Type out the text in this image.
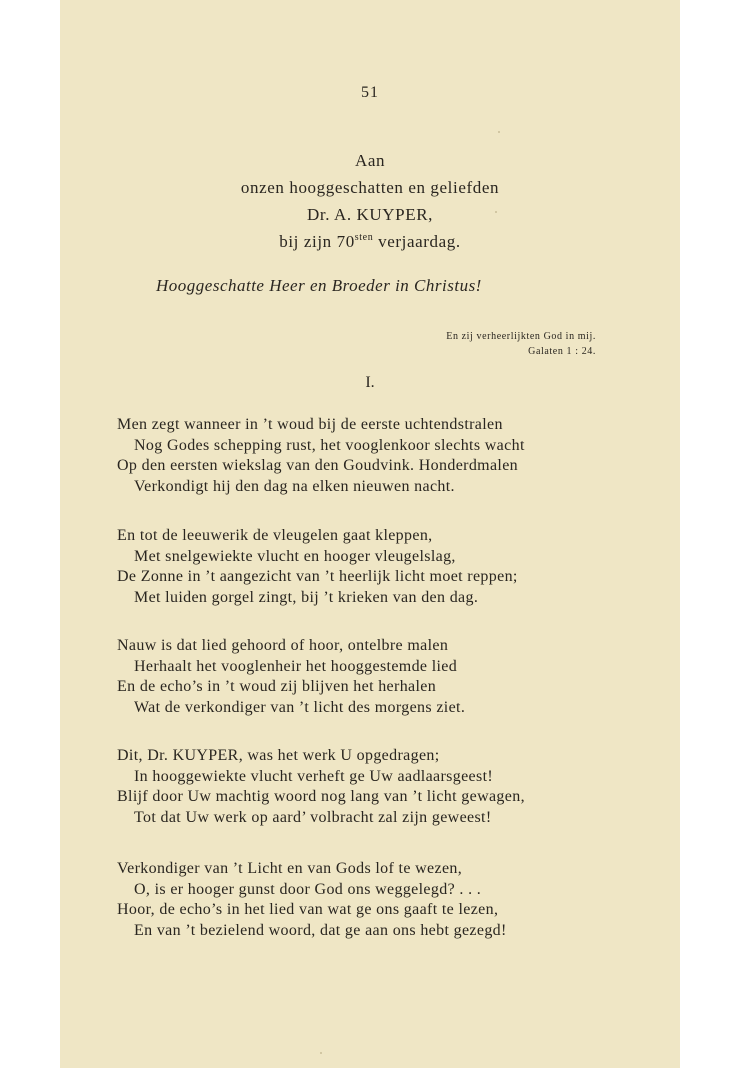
51
Aan
onzen hooggeschatten en geliefden
Dr. A. KUYPER,
bij zijn $70^{sten}$ verjaardag.
Hooggeschatte Heer en Broeder in Christus!
En zij verheerlijkten God in mij.
Galaten 1 : 24.
I.
Men zegt wanneer in ’t woud bij de eerste uchtendstralen
Nog Godes schepping rust, het vooglenkoor slechts wacht
Op den eersten wiekslag van den Goudvink. Honderdmalen
Verkondigt hij den dag na elken nieuwen nacht.
En tot de leeuwerik de vleugelen gaat kleppen,
Met snelgewiekte vlucht en hooger vleugelslag,
De Zonne in ’t aangezicht van ’t heerlijk licht moet reppen;
Met luiden gorgel zingt, bij ’t krieken van den dag.
Nauw is dat lied gehoord of hoor, ontelbre malen
Herhaalt het vooglenheir het hooggestemde lied
En de echo’s in ’t woud zij blijven het herhalen
Wat de verkondiger van ’t licht des morgens ziet.
Dit, Dr. KUYPER, was het werk U opgedragen;
In hooggewiekte vlucht verheft ge Uw aadlaarsgeest!
Blijf door Uw machtig woord nog lang van ’t licht gewagen,
Tot dat Uw werk op aard’ volbracht zal zijn geweest!
Verkondiger van ’t Licht en van Gods lof te wezen,
O, is er hooger gunst door God ons weggelegd? . . .
Hoor, de echo’s in het lied van wat ge ons gaaft te lezen,
En van ’t bezielend woord, dat ge aan ons hebt gezegd!
